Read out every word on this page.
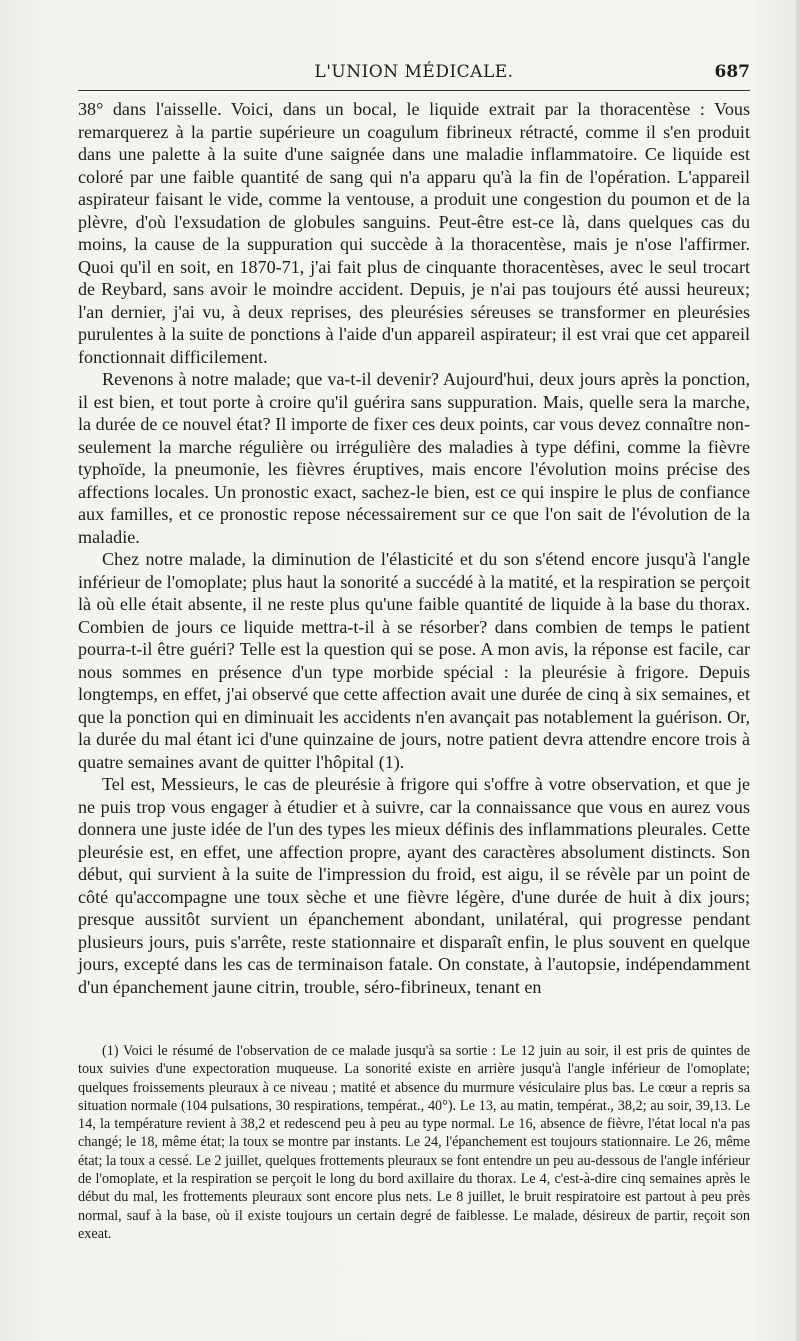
L'UNION MÉDICALE.	687

38° dans l'aisselle. Voici, dans un bocal, le liquide extrait par la thoracentèse : Vous remarquerez à la partie supérieure un coagulum fibrineux rétracté, comme il s'en produit dans une palette à la suite d'une saignée dans une maladie inflammatoire. Ce liquide est coloré par une faible quantité de sang qui n'a apparu qu'à la fin de l'opération. L'appareil aspirateur faisant le vide, comme la ventouse, a produit une congestion du poumon et de la plèvre, d'où l'exsudation de globules sanguins. Peut-être est-ce là, dans quelques cas du moins, la cause de la suppuration qui succède à la thoracentèse, mais je n'ose l'affirmer. Quoi qu'il en soit, en 1870-71, j'ai fait plus de cinquante thoracentèses, avec le seul trocart de Reybard, sans avoir le moindre accident. Depuis, je n'ai pas toujours été aussi heureux; l'an dernier, j'ai vu, à deux reprises, des pleurésies séreuses se transformer en pleurésies purulentes à la suite de ponctions à l'aide d'un appareil aspirateur; il est vrai que cet appareil fonctionnait difficilement.

Revenons à notre malade; que va-t-il devenir? Aujourd'hui, deux jours après la ponction, il est bien, et tout porte à croire qu'il guérira sans suppuration. Mais, quelle sera la marche, la durée de ce nouvel état? Il importe de fixer ces deux points, car vous devez connaître non-seulement la marche régulière ou irrégulière des maladies à type défini, comme la fièvre typhoïde, la pneumonie, les fièvres éruptives, mais encore l'évolution moins précise des affections locales. Un pronostic exact, sachez-le bien, est ce qui inspire le plus de confiance aux familles, et ce pronostic repose nécessairement sur ce que l'on sait de l'évolution de la maladie.

Chez notre malade, la diminution de l'élasticité et du son s'étend encore jusqu'à l'angle inférieur de l'omoplate; plus haut la sonorité a succédé à la matité, et la respiration se perçoit là où elle était absente, il ne reste plus qu'une faible quantité de liquide à la base du thorax. Combien de jours ce liquide mettra-t-il à se résorber? dans combien de temps le patient pourra-t-il être guéri? Telle est la question qui se pose. A mon avis, la réponse est facile, car nous sommes en présence d'un type morbide spécial : la pleurésie à frigore. Depuis longtemps, en effet, j'ai observé que cette affection avait une durée de cinq à six semaines, et que la ponction qui en diminuait les accidents n'en avançait pas notablement la guérison. Or, la durée du mal étant ici d'une quinzaine de jours, notre patient devra attendre encore trois à quatre semaines avant de quitter l'hôpital (1).

Tel est, Messieurs, le cas de pleurésie à frigore qui s'offre à votre observation, et que je ne puis trop vous engager à étudier et à suivre, car la connaissance que vous en aurez vous donnera une juste idée de l'un des types les mieux définis des inflammations pleurales. Cette pleurésie est, en effet, une affection propre, ayant des caractères absolument distincts. Son début, qui survient à la suite de l'impression du froid, est aigu, il se révèle par un point de côté qu'accompagne une toux sèche et une fièvre légère, d'une durée de huit à dix jours; presque aussitôt survient un épanchement abondant, unilatéral, qui progresse pendant plusieurs jours, puis s'arrête, reste stationnaire et disparaît enfin, le plus souvent en quelque jours, excepté dans les cas de terminaison fatale. On constate, à l'autopsie, indépendamment d'un épanchement jaune citrin, trouble, séro-fibrineux, tenant en

(1) Voici le résumé de l'observation de ce malade jusqu'à sa sortie : Le 12 juin au soir, il est pris de quintes de toux suivies d'une expectoration muqueuse. La sonorité existe en arrière jusqu'à l'angle inférieur de l'omoplate; quelques froissements pleuraux à ce niveau ; matité et absence du murmure vésiculaire plus bas. Le cœur a repris sa situation normale (104 pulsations, 30 respirations, températ., 40°). Le 13, au matin, températ., 38,2; au soir, 39,13. Le 14, la température revient à 38,2 et redescend peu à peu au type normal. Le 16, absence de fièvre, l'état local n'a pas changé; le 18, même état; la toux se montre par instants. Le 24, l'épanchement est toujours stationnaire. Le 26, même état; la toux a cessé. Le 2 juillet, quelques frottements pleuraux se font entendre un peu au-dessous de l'angle inférieur de l'omoplate, et la respiration se perçoit le long du bord axillaire du thorax. Le 4, c'est-à-dire cinq semaines après le début du mal, les frottements pleuraux sont encore plus nets. Le 8 juillet, le bruit respiratoire est partout à peu près normal, sauf à la base, où il existe toujours un certain degré de faiblesse. Le malade, désireux de partir, reçoit son exeat.
